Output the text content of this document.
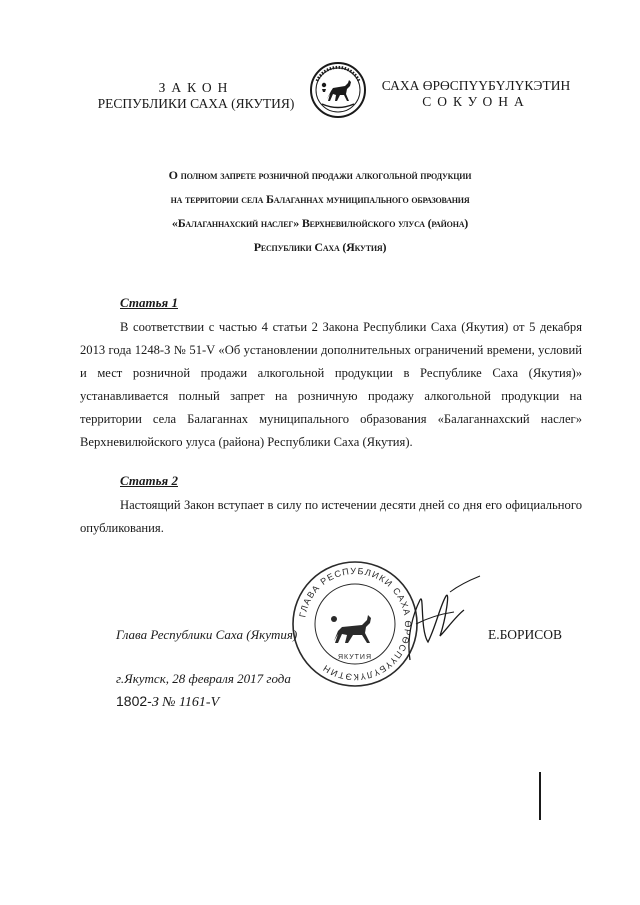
ЗАКОН
РЕСПУБЛИКИ САХА (ЯКУТИЯ)
САХА ӨРӨСПҮҮБҮЛҮКЭТИН
СОКУОНА
О полном запрете розничной продажи алкогольной продукции
на территории села Балаганнах муниципального образования
«Балаганнахский наслег» Верхневилюйского улуса (района)
Республики Саха (Якутия)
Статья 1
В соответствии с частью 4 статьи 2 Закона Республики Саха (Якутия) от 5 декабря 2013 года 1248-З № 51-V «Об установлении дополнительных ограничений времени, условий и мест розничной продажи алкогольной продукции в Республике Саха (Якутия)» устанавливается полный запрет на розничную продажу алкогольной продукции на территории села Балаганнах муниципального образования «Балаганнахский наслег» Верхневилюйского улуса (района) Республики Саха (Якутия).
Статья 2
Настоящий Закон вступает в силу по истечении десяти дней со дня его официального опубликования.
ГЛАВА РЕСПУБЛИКИ САХА ӨРӨСПҮҮБҮЛҮКЭТИН
ЯКУТИЯ
Глава Республики Саха (Якутия)	Е.БОРИСОВ
г.Якутск, 28 февраля 2017 года
1802-З № 1161-V
